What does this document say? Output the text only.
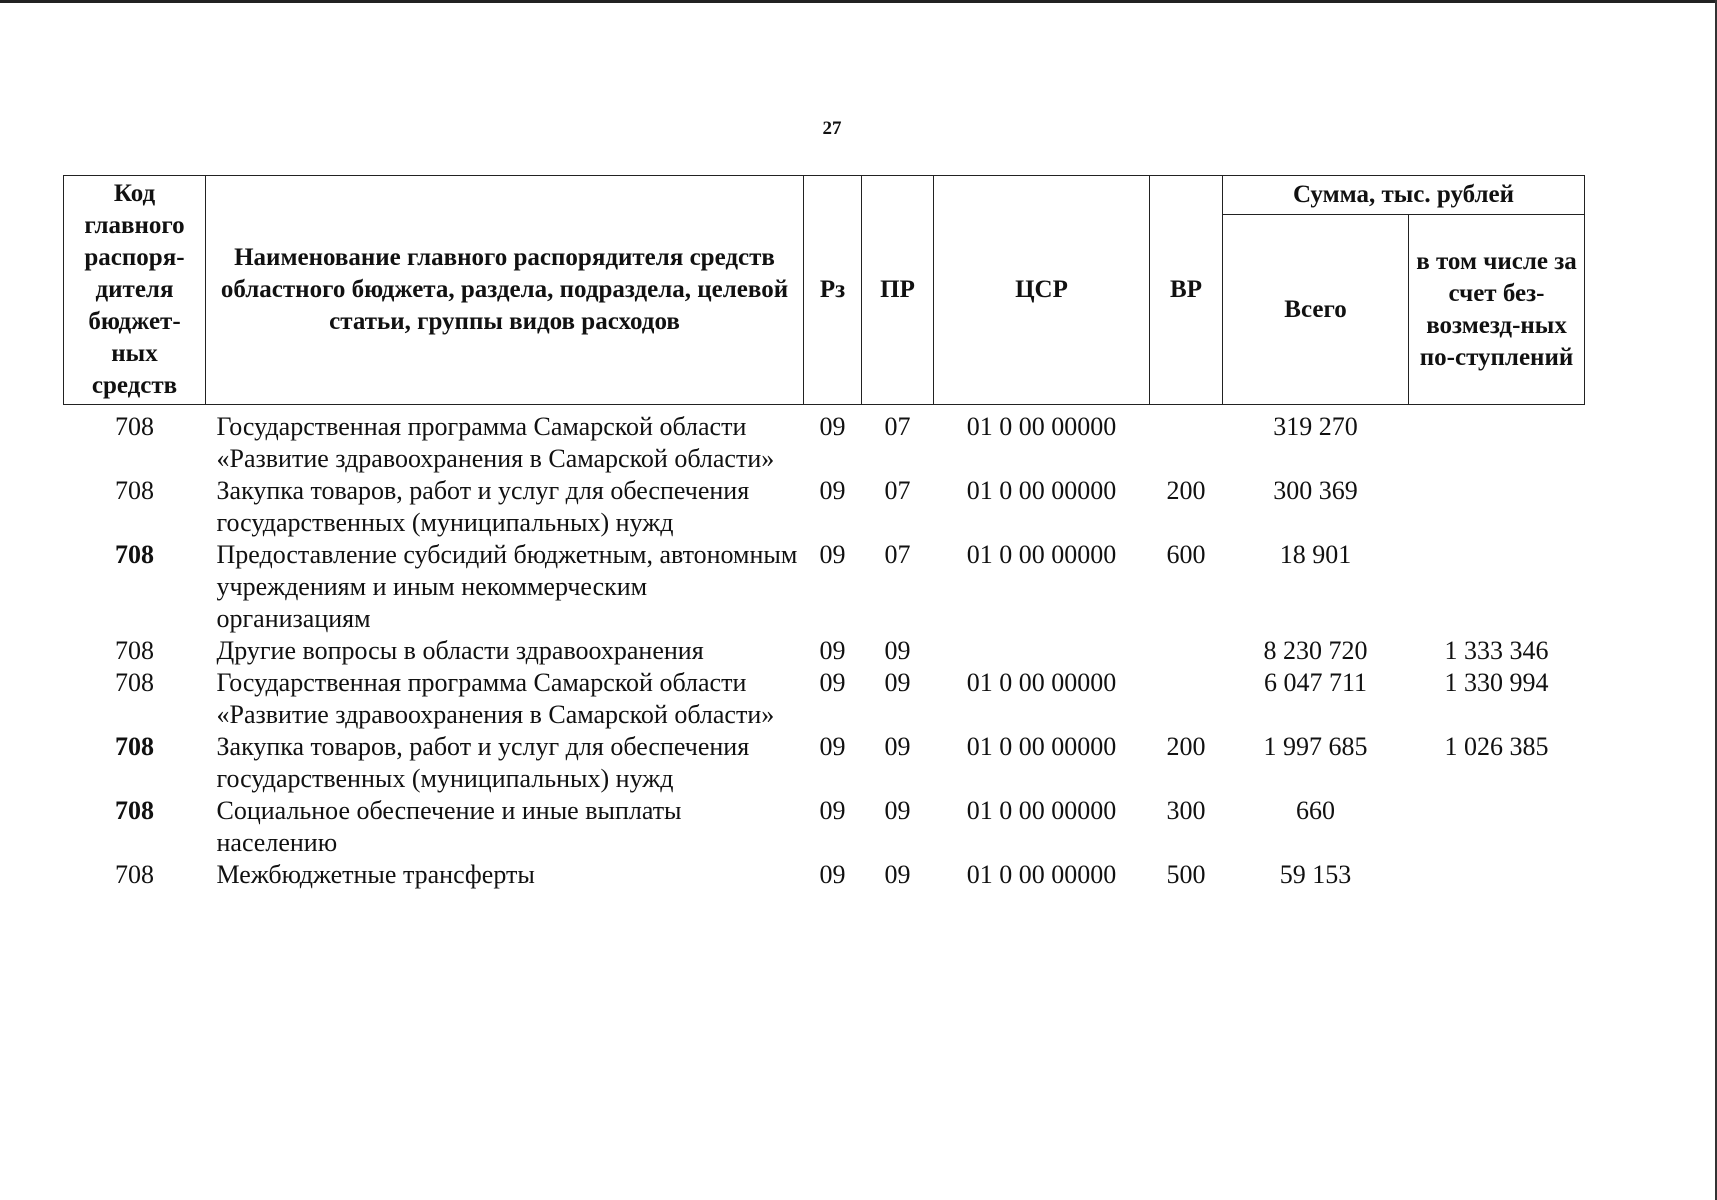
27
Код главного распоря-дителя бюджет-ных средств	Наименование главного распорядителя средств областного бюджета, раздела, подраздела, целевой статьи, группы видов расходов	Рз	ПР	ЦСР	ВР	Сумма, тыс. рублей	
						Всего	в том числе за счет без-возмезд-ных по-ступлений
708	Государственная программа Самарской области «Развитие здравоохранения в Самарской области»	09	07	01 0 00 00000		319 270	
708	Закупка товаров, работ и услуг для обеспечения государственных (муниципальных) нужд	09	07	01 0 00 00000	200	300 369	
708	Предоставление субсидий бюджетным, автономным учреждениям и иным некоммерческим организациям	09	07	01 0 00 00000	600	18 901	
708	Другие вопросы в области здравоохранения	09	09			8 230 720	1 333 346
708	Государственная программа Самарской области «Развитие здравоохранения в Самарской области»	09	09	01 0 00 00000		6 047 711	1 330 994
708	Закупка товаров, работ и услуг для обеспечения государственных (муниципальных) нужд	09	09	01 0 00 00000	200	1 997 685	1 026 385
708	Социальное обеспечение и иные выплаты населению	09	09	01 0 00 00000	300	660	
708	Межбюджетные трансферты	09	09	01 0 00 00000	500	59 153	
